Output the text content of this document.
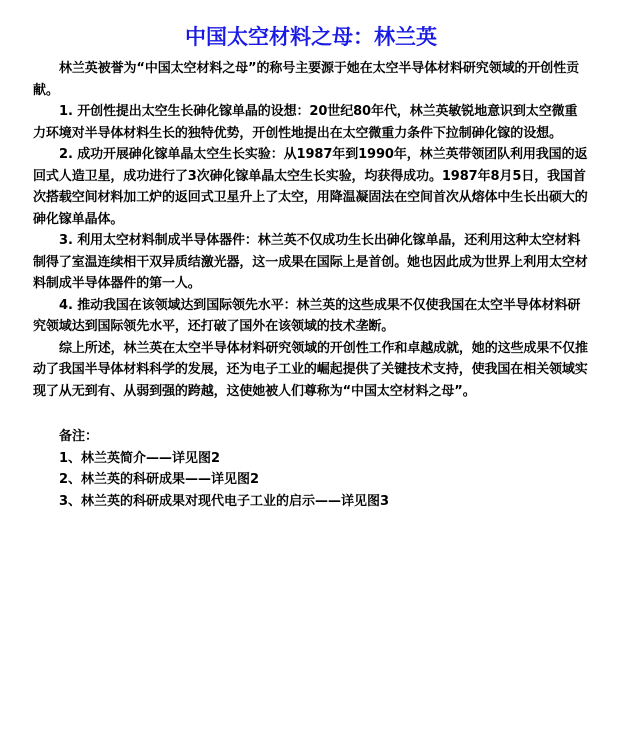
中国太空材料之母：林兰英

林兰英被誉为“中国太空材料之母”的称号主要源于她在太空半导体材料研究领域的开创性贡献。

1. 开创性提出太空生长砷化镓单晶的设想：20世纪80年代，林兰英敏锐地意识到太空微重力环境对半导体材料生长的独特优势，开创性地提出在太空微重力条件下拉制砷化镓的设想。

2. 成功开展砷化镓单晶太空生长实验：从1987年到1990年，林兰英带领团队利用我国的返回式人造卫星，成功进行了3次砷化镓单晶太空生长实验，均获得成功。1987年8月5日，我国首次搭载空间材料加工炉的返回式卫星升上了太空，用降温凝固法在空间首次从熔体中生长出硕大的砷化镓单晶体。

3. 利用太空材料制成半导体器件：林兰英不仅成功生长出砷化镓单晶，还利用这种太空材料制得了室温连续相干双异质结激光器，这一成果在国际上是首创。她也因此成为世界上利用太空材料制成半导体器件的第一人。

4. 推动我国在该领域达到国际领先水平：林兰英的这些成果不仅使我国在太空半导体材料研究领域达到国际领先水平，还打破了国外在该领域的技术垄断。

综上所述，林兰英在太空半导体材料研究领域的开创性工作和卓越成就，她的这些成果不仅推动了我国半导体材料科学的发展，还为电子工业的崛起提供了关键技术支持，使我国在相关领域实现了从无到有、从弱到强的跨越，这使她被人们尊称为“中国太空材料之母”。

备注：

1、林兰英简介——详见图2

2、林兰英的科研成果——详见图2

3、林兰英的科研成果对现代电子工业的启示——详见图3
